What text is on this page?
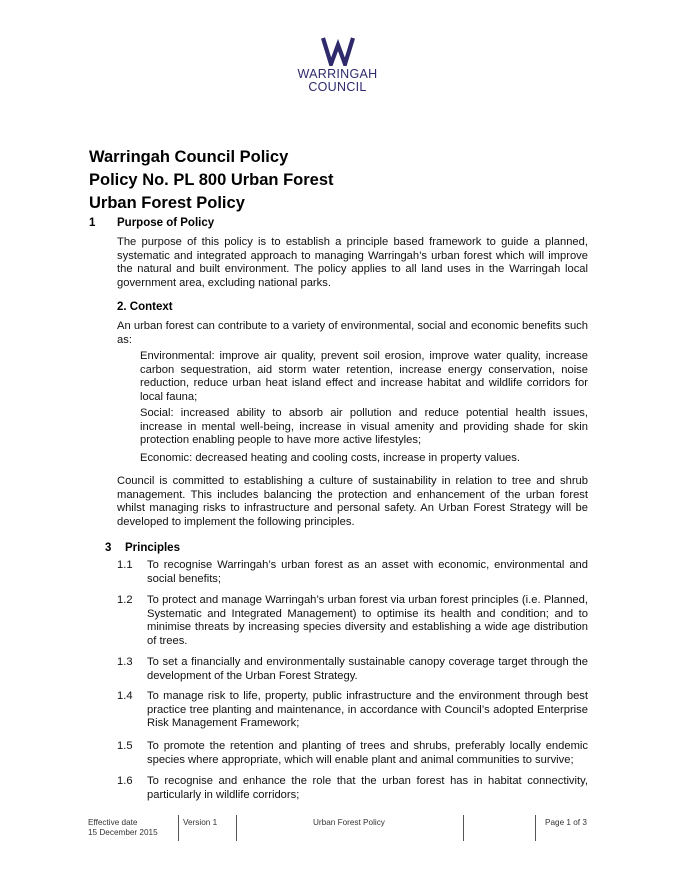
WARRINGAH
COUNCIL
Warringah Council Policy
Policy No. PL 800 Urban Forest
Urban Forest Policy
1 Purpose of Policy

The purpose of this policy is to establish a principle based framework to guide a planned, systematic and integrated approach to managing Warringah’s urban forest which will improve the natural and built environment. The policy applies to all land uses in the Warringah local government area, excluding national parks.

2. Context

An urban forest can contribute to a variety of environmental, social and economic benefits such as:

Environmental: improve air quality, prevent soil erosion, improve water quality, increase carbon sequestration, aid storm water retention, increase energy conservation, noise reduction, reduce urban heat island effect and increase habitat and wildlife corridors for local fauna;

Social: increased ability to absorb air pollution and reduce potential health issues, increase in mental well-being, increase in visual amenity and providing shade for skin protection enabling people to have more active lifestyles;

Economic: decreased heating and cooling costs, increase in property values.

Council is committed to establishing a culture of sustainability in relation to tree and shrub management. This includes balancing the protection and enhancement of the urban forest whilst managing risks to infrastructure and personal safety. An Urban Forest Strategy will be developed to implement the following principles.

3 Principles
1.1 To recognise Warringah’s urban forest as an asset with economic, environmental and social benefits;

1.2 To protect and manage Warringah’s urban forest via urban forest principles (i.e. Planned, Systematic and Integrated Management) to optimise its health and condition; and to minimise threats by increasing species diversity and establishing a wide age distribution of trees.

1.3 To set a financially and environmentally sustainable canopy coverage target through the development of the Urban Forest Strategy.

1.4 To manage risk to life, property, public infrastructure and the environment through best practice tree planting and maintenance, in accordance with Council’s adopted Enterprise Risk Management Framework;

1.5 To promote the retention and planting of trees and shrubs, preferably locally endemic species where appropriate, which will enable plant and animal communities to survive;

1.6 To recognise and enhance the role that the urban forest has in habitat connectivity, particularly in wildlife corridors;

Effective date
15 December 2015
Version 1	Urban Forest Policy	Page 1 of 3
